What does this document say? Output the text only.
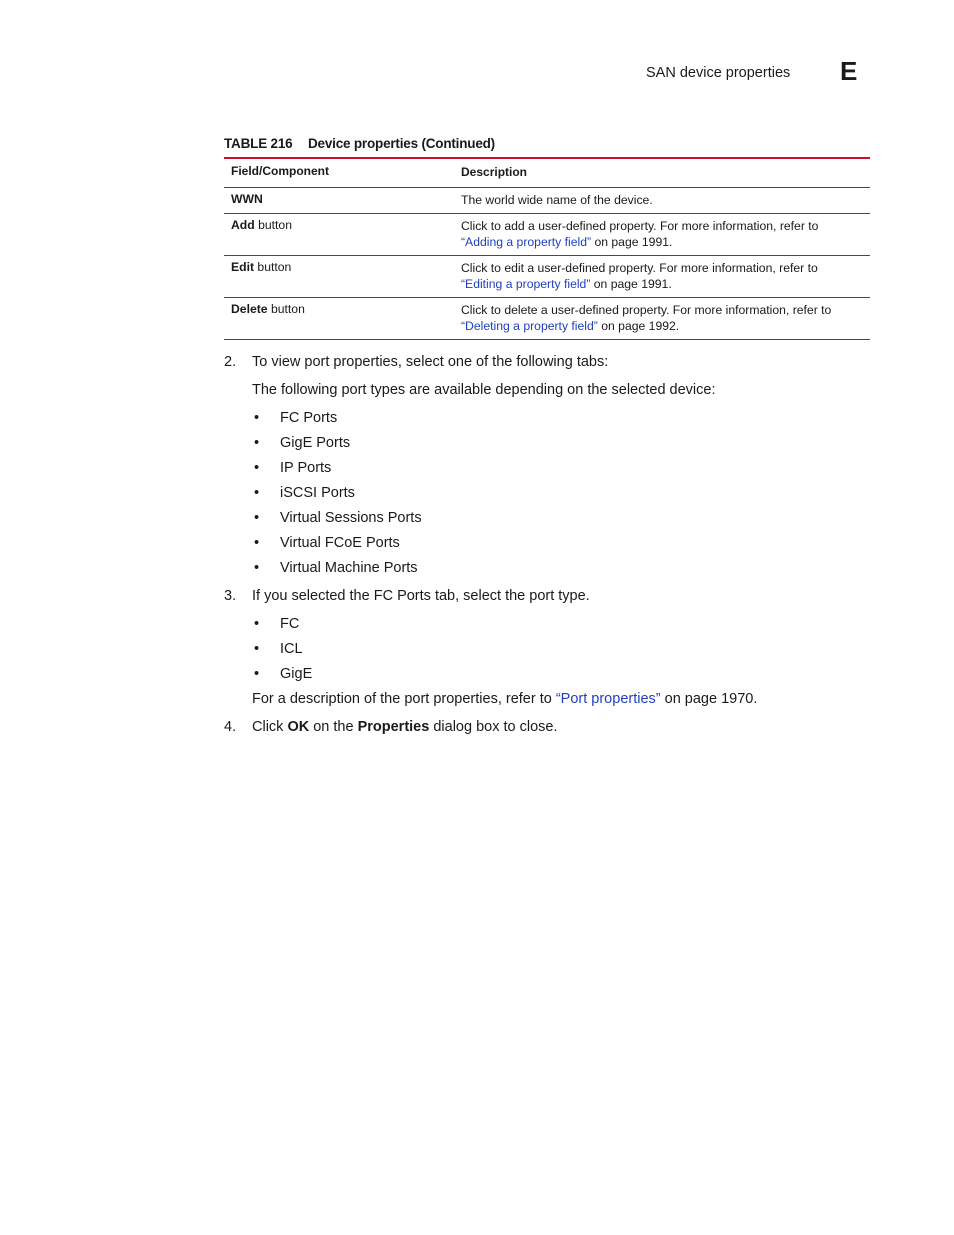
SAN device properties E
TABLE 216 Device properties (Continued)
Field/Component	Description
WWN	The world wide name of the device.
Add button	Click to add a user-defined property. For more information, refer to
“Adding a property field” on page 1991.
Edit button	Click to edit a user-defined property. For more information, refer to
“Editing a property field” on page 1991.
Delete button	Click to delete a user-defined property. For more information, refer to
“Deleting a property field” on page 1992.
2. To view port properties, select one of the following tabs:
The following port types are available depending on the selected device:
• FC Ports
• GigE Ports
• IP Ports
• iSCSI Ports
• Virtual Sessions Ports
• Virtual FCoE Ports
• Virtual Machine Ports
3. If you selected the FC Ports tab, select the port type.
• FC
• ICL
• GigE
For a description of the port properties, refer to “Port properties” on page 1970.
4. Click OK on the Properties dialog box to close.
